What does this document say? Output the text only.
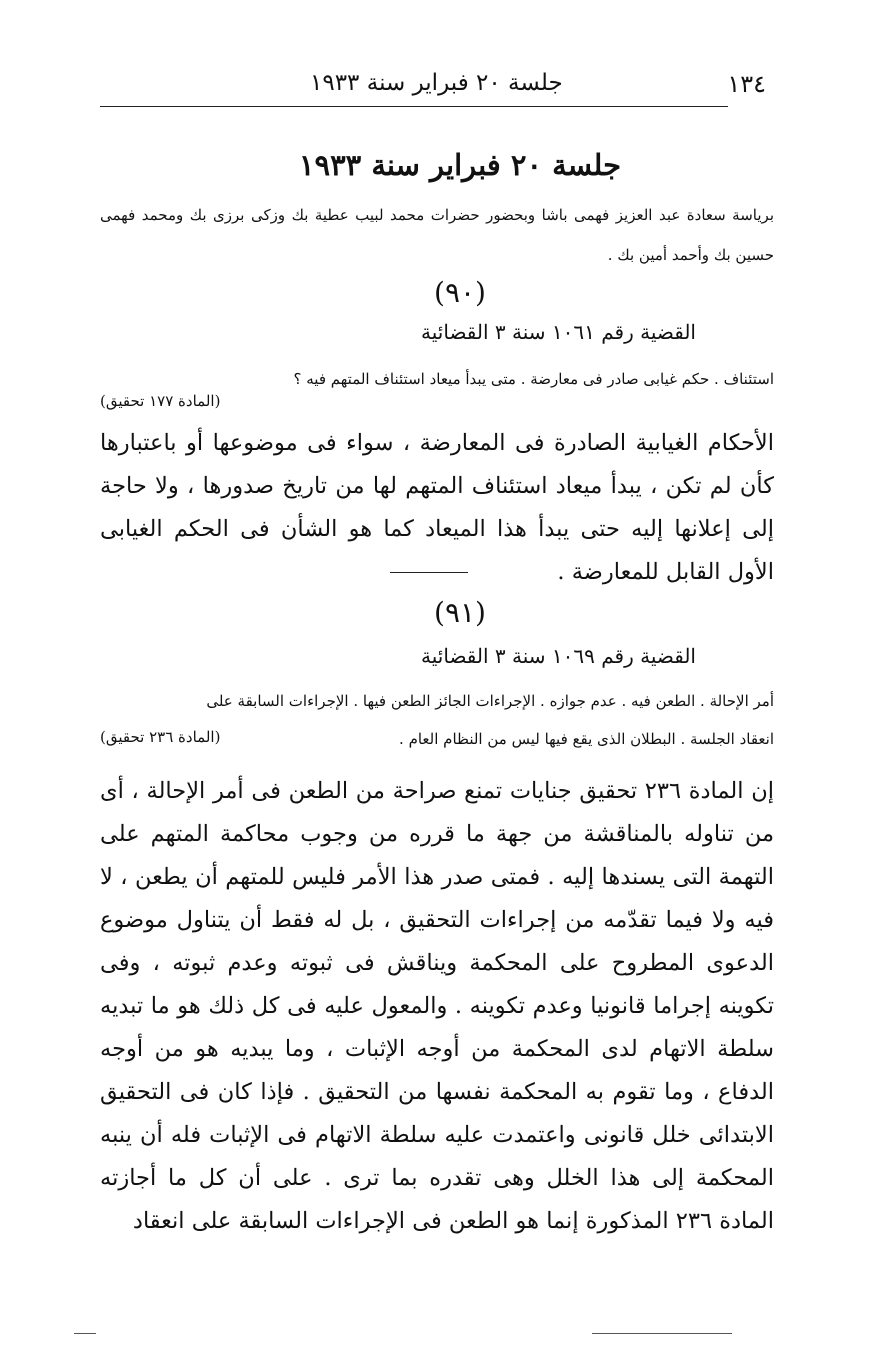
١٣٤
جلسة ٢٠ فبراير سنة ١٩٣٣
جلسة ٢٠ فبراير سنة ١٩٣٣
برياسة سعادة عبد العزيز فهمى باشا وبحضور حضرات محمد لبيب عطية بك وزكى برزى بك ومحمد فهمى حسين بك وأحمد أمين بك .
(٩٠)
القضية رقم ١٠٦١ سنة ٣ القضائية
استئناف . حكم غيابى صادر فى معارضة . متى يبدأ ميعاد استئناف المتهم فيه ؟
(المادة ١٧٧ تحقيق)

الأحكام الغيابية الصادرة فى المعارضة ، سواء فى موضوعها أو باعتبارها كأن لم تكن ، يبدأ ميعاد استئناف المتهم لها من تاريخ صدورها ، ولا حاجة إلى إعلانها إليه حتى يبدأ هذا الميعاد كما هو الشأن فى الحكم الغيابى الأول القابل للمعارضة .

(٩١)
القضية رقم ١٠٦٩ سنة ٣ القضائية
أمر الإحالة . الطعن فيه . عدم جوازه . الإجراءات الجائز الطعن فيها . الإجراءات السابقة على
انعقاد الجلسة . البطلان الذى يقع فيها ليس من النظام العام .
(المادة ٢٣٦ تحقيق)

إن المادة ٢٣٦ تحقيق جنايات تمنع صراحة من الطعن فى أمر الإحالة ، أى من تناوله بالمناقشة من جهة ما قرره من وجوب محاكمة المتهم على التهمة التى يسندها إليه . فمتى صدر هذا الأمر فليس للمتهم أن يطعن ، لا فيه ولا فيما تقدّمه من إجراءات التحقيق ، بل له فقط أن يتناول موضوع الدعوى المطروح على المحكمة ويناقش فى ثبوته وعدم ثبوته ، وفى تكوينه إجراما قانونيا وعدم تكوينه . والمعول عليه فى كل ذلك هو ما تبديه سلطة الاتهام لدى المحكمة من أوجه الإثبات ، وما يبديه هو من أوجه الدفاع ، وما تقوم به المحكمة نفسها من التحقيق . فإذا كان فى التحقيق الابتدائى خلل قانونى واعتمدت عليه سلطة الاتهام فى الإثبات فله أن ينبه المحكمة إلى هذا الخلل وهى تقدره بما ترى . على أن كل ما أجازته المادة ٢٣٦ المذكورة إنما هو الطعن فى الإجراءات السابقة على انعقاد
